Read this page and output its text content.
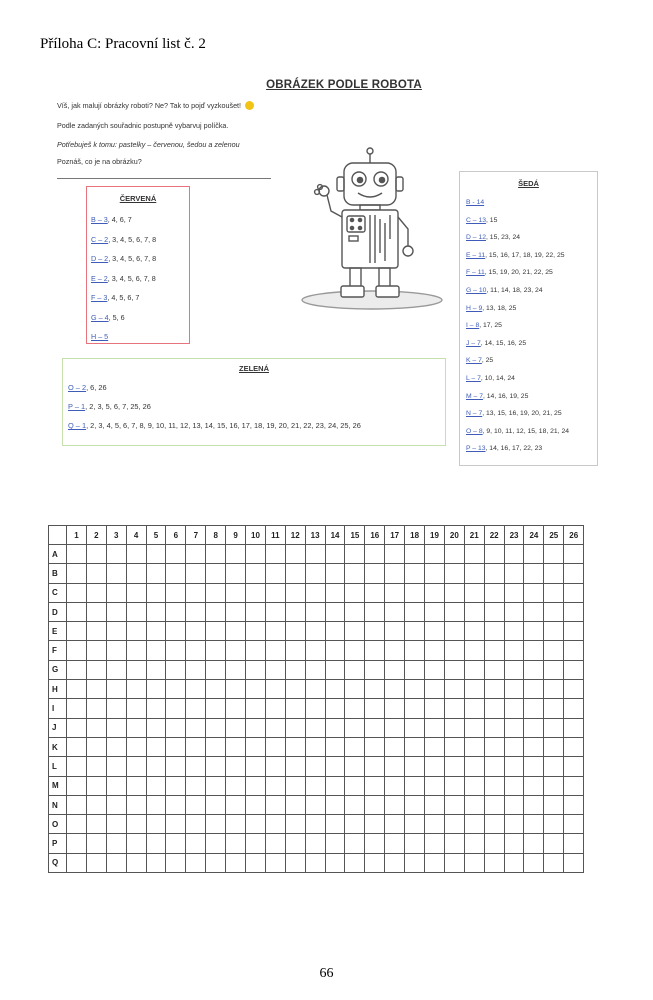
Příloha C: Pracovní list č. 2
OBRÁZEK PODLE ROBOTA
Víš, jak malují obrázky roboti? Ne? Tak to pojď vyzkoušet!
Podle zadaných souřadnic postupně vybarvuj políčka.
Potřebuješ k tomu: pastelky – červenou, šedou a zelenou
Poznáš, co je na obrázku?
ČERVENÁ
B – 3, 4, 6, 7
C – 2, 3, 4, 5, 6, 7, 8
D – 2, 3, 4, 5, 6, 7, 8
E – 2, 3, 4, 5, 6, 7, 8
F – 3, 4, 5, 6, 7
G – 4, 5, 6
H – 5
ŠEDÁ
B - 14
C – 13, 15
D – 12, 15, 23, 24
E – 11, 15, 16, 17, 18, 19, 22, 25
F – 11, 15, 19, 20, 21, 22, 25
G – 10, 11, 14, 18, 23, 24
H – 9, 13, 18, 25
I – 8, 17, 25
J – 7, 14, 15, 16, 25
K – 7, 25
L – 7, 10, 14, 24
M – 7, 14, 16, 19, 25
N – 7, 13, 15, 16, 19, 20, 21, 25
O – 8, 9, 10, 11, 12, 15, 18, 21, 24
P – 13, 14, 16, 17, 22, 23
ZELENÁ
O – 2, 6, 26
P – 1, 2, 3, 5, 6, 7, 25, 26
Q – 1, 2, 3, 4, 5, 6, 7, 8, 9, 10, 11, 12, 13, 14, 15, 16, 17, 18, 19, 20, 21, 22, 23, 24, 25, 26
	1	2	3	4	5	6	7	8	9	10	11	12	13	14	15	16	17	18	19	20	21	22	23	24	25	26
A																										
B																										
C																										
D																										
E																										
F																										
G																										
H																										
I																										
J																										
K																										
L																										
M																										
N																										
O																										
P																										
Q																										
66
